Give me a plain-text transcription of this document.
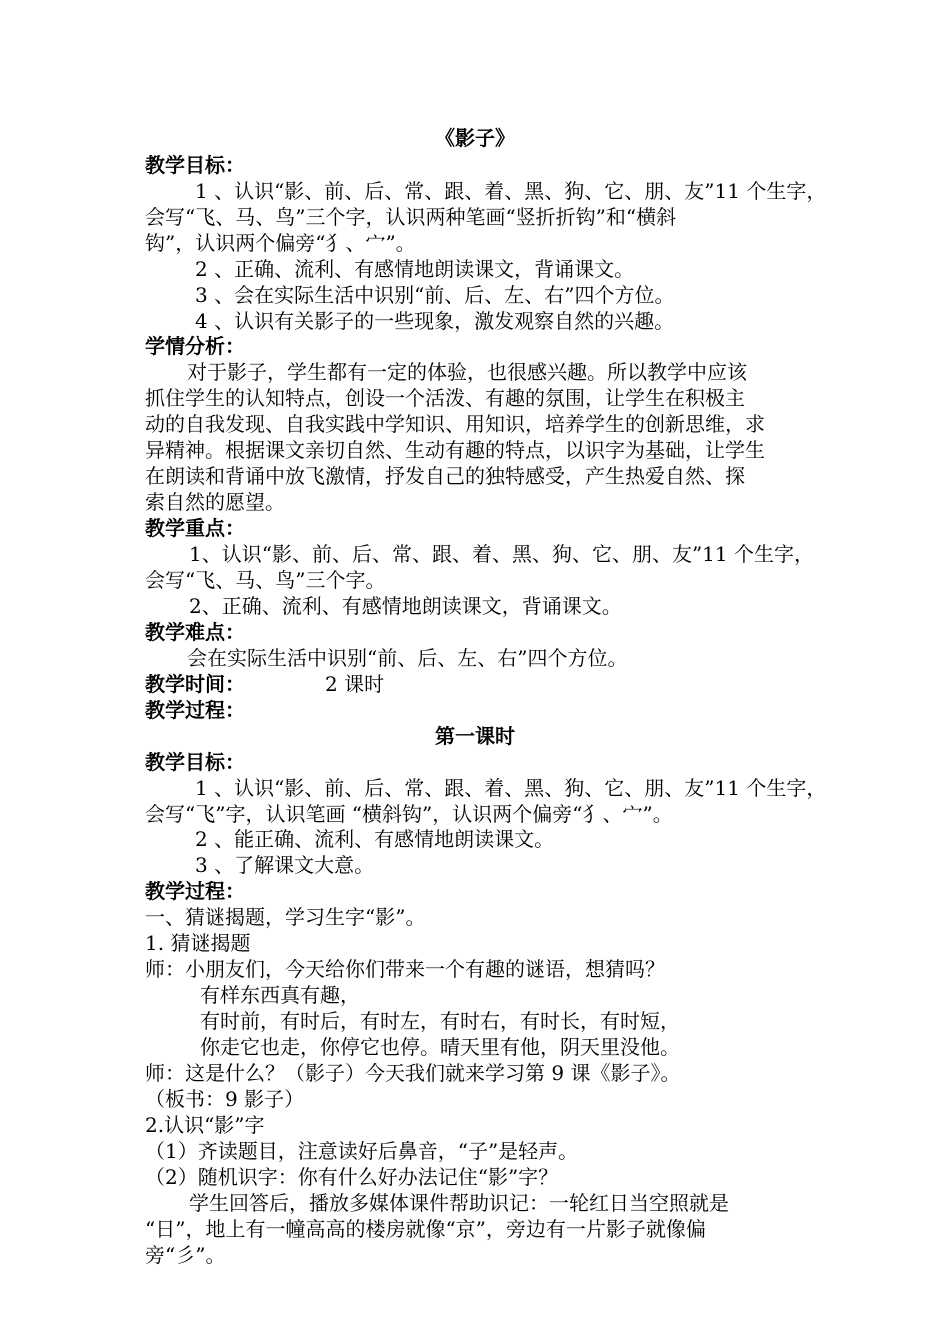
《影子》
教学目标：
1 、认识“影、前、后、常、跟、着、黑、狗、它、朋、友”11 个生字，
会写“飞、马、鸟”三个字，认识两种笔画“竖折折钩”和“横斜
钩”，认识两个偏旁“犭、宀”。
2 、正确、流利、有感情地朗读课文，背诵课文。
3 、会在实际生活中识别“前、后、左、右”四个方位。
4 、认识有关影子的一些现象，激发观察自然的兴趣。
学情分析：
对于影子，学生都有一定的体验，也很感兴趣。所以教学中应该
抓住学生的认知特点，创设一个活泼、有趣的氛围，让学生在积极主
动的自我发现、自我实践中学知识、用知识，培养学生的创新思维，求
异精神。根据课文亲切自然、生动有趣的特点，以识字为基础，让学生
在朗读和背诵中放飞激情，抒发自己的独特感受，产生热爱自然、探
索自然的愿望。
教学重点：
1、认识“影、前、后、常、跟、着、黑、狗、它、朋、友”11 个生字，
会写“飞、马、鸟”三个字。
2、正确、流利、有感情地朗读课文，背诵课文。
教学难点：
会在实际生活中识别“前、后、左、右”四个方位。
教学时间：	2 课时
教学过程：
第一课时
教学目标：
1 、认识“影、前、后、常、跟、着、黑、狗、它、朋、友”11 个生字，
会写“飞”字，认识笔画 “横斜钩”，认识两个偏旁“犭、宀”。
2 、能正确、流利、有感情地朗读课文。
3 、了解课文大意。
教学过程：
一、猜谜揭题，学习生字“影”。
1. 猜谜揭题
师：小朋友们，今天给你们带来一个有趣的谜语，想猜吗？
有样东西真有趣，
有时前，有时后，有时左，有时右，有时长，有时短，
你走它也走，你停它也停。晴天里有他，阴天里没他。
师：这是什么？（影子）今天我们就来学习第 9 课《影子》。
（板书：9 影子）
2.认识“影”字
（1）齐读题目，注意读好后鼻音，“子”是轻声。
（2）随机识字：你有什么好办法记住“影”字？
学生回答后，播放多媒体课件帮助识记：一轮红日当空照就是
“日”，地上有一幢高高的楼房就像“京”，旁边有一片影子就像偏
旁“彡”。
